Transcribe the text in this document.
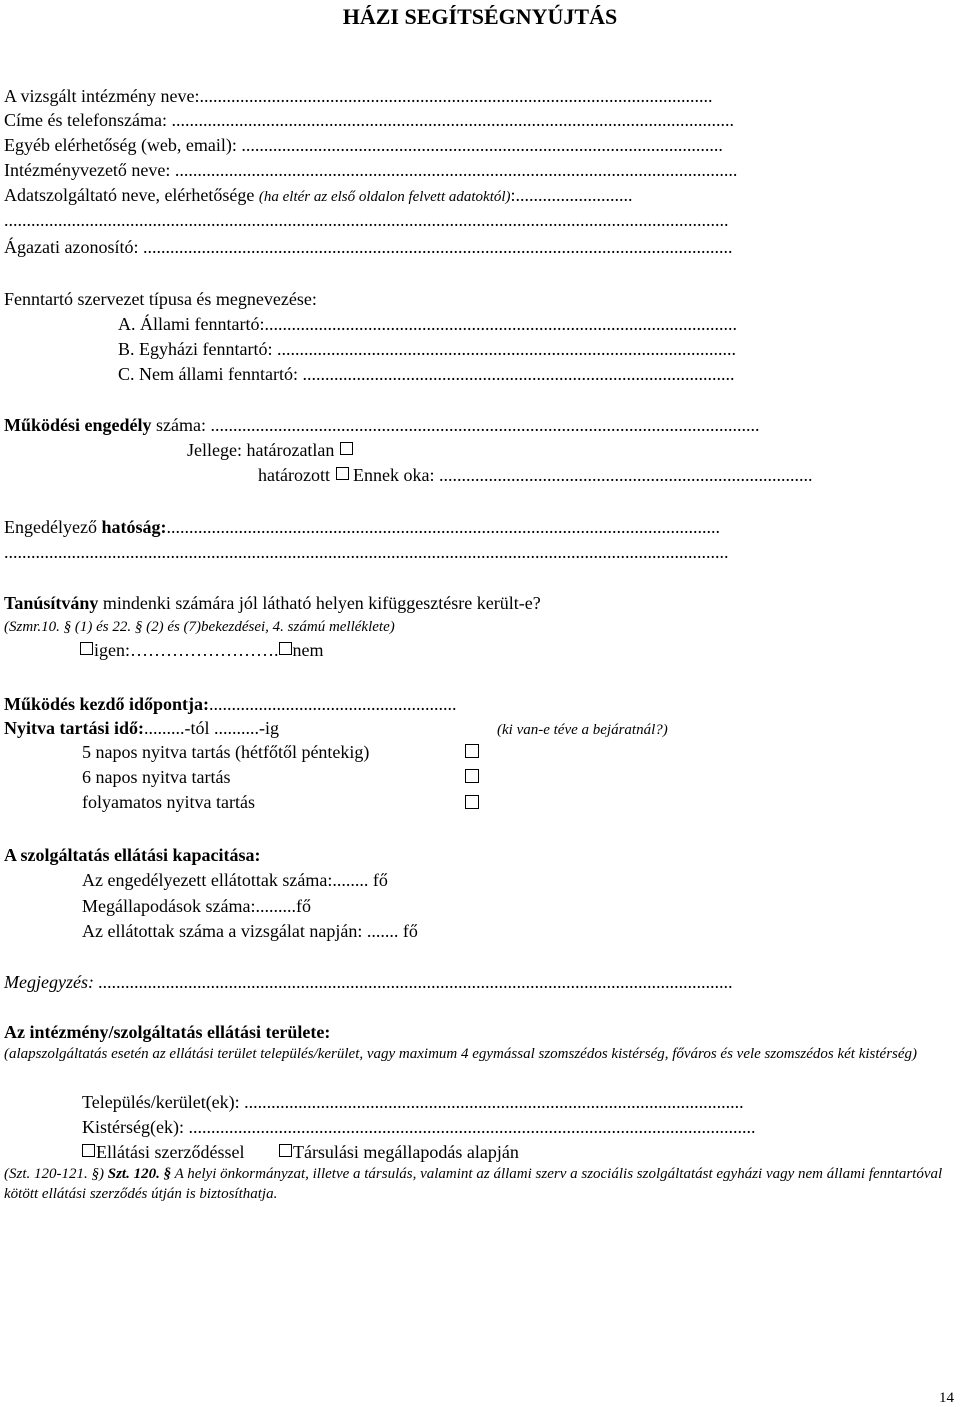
HÁZI SEGÍTSÉGNYÚJTÁS
A vizsgált intézmény neve:..................................................................................................................
Címe és telefonszáma: .............................................................................................................................
Egyéb elérhetőség (web, email): ...........................................................................................................
Intézményvezető neve: .............................................................................................................................
Adatszolgáltató neve, elérhetősége (ha eltér az első oldalon felvett adatoktól):..........................
.................................................................................................................................................................
Ágazati azonosító: ...................................................................................................................................
Fenntartó szervezet típusa és megnevezése:
A. Állami fenntartó:.........................................................................................................
B. Egyházi fenntartó: ......................................................................................................
C. Nem állami fenntartó: ................................................................................................
Működési engedély száma: ..........................................................................................................................
Jellege: határozatlan
határozott Ennek oka: ...................................................................................
Engedélyező hatóság:...........................................................................................................................
.................................................................................................................................................................
Tanúsítvány mindenki számára jól látható helyen kifüggesztésre került-e?
(Szmr.10. § (1) és 22. § (2) és (7)bekezdései, 4. számú melléklete)
igen:……………………. nem
Működés kezdő időpontja:.......................................................
Nyitva tartási idő:.........-tól ..........-ig	(ki van-e téve a bejáratnál?)
5 napos nyitva tartás (hétfőtől péntekig)
6 napos nyitva tartás
folyamatos nyitva tartás
A szolgáltatás ellátási kapacitása:
Az engedélyezett ellátottak száma:........ fő
Megállapodások száma:.........fő
Az ellátottak száma a vizsgálat napján: ....... fő
Megjegyzés: .............................................................................................................................................
Az intézmény/szolgáltatás ellátási területe:
(alapszolgáltatás esetén az ellátási terület település/kerület, vagy maximum 4 egymással szomszédos kistérség, főváros és vele szomszédos két kistérség)
Település/kerület(ek): ...............................................................................................................
Kistérség(ek): ..............................................................................................................................
Ellátási szerződéssel	Társulási megállapodás alapján
(Szt. 120-121. §) Szt. 120. § A helyi önkormányzat, illetve a társulás, valamint az állami szerv a szociális szolgáltatást egyházi vagy nem állami fenntartóval kötött ellátási szerződés útján is biztosíthatja.
14
